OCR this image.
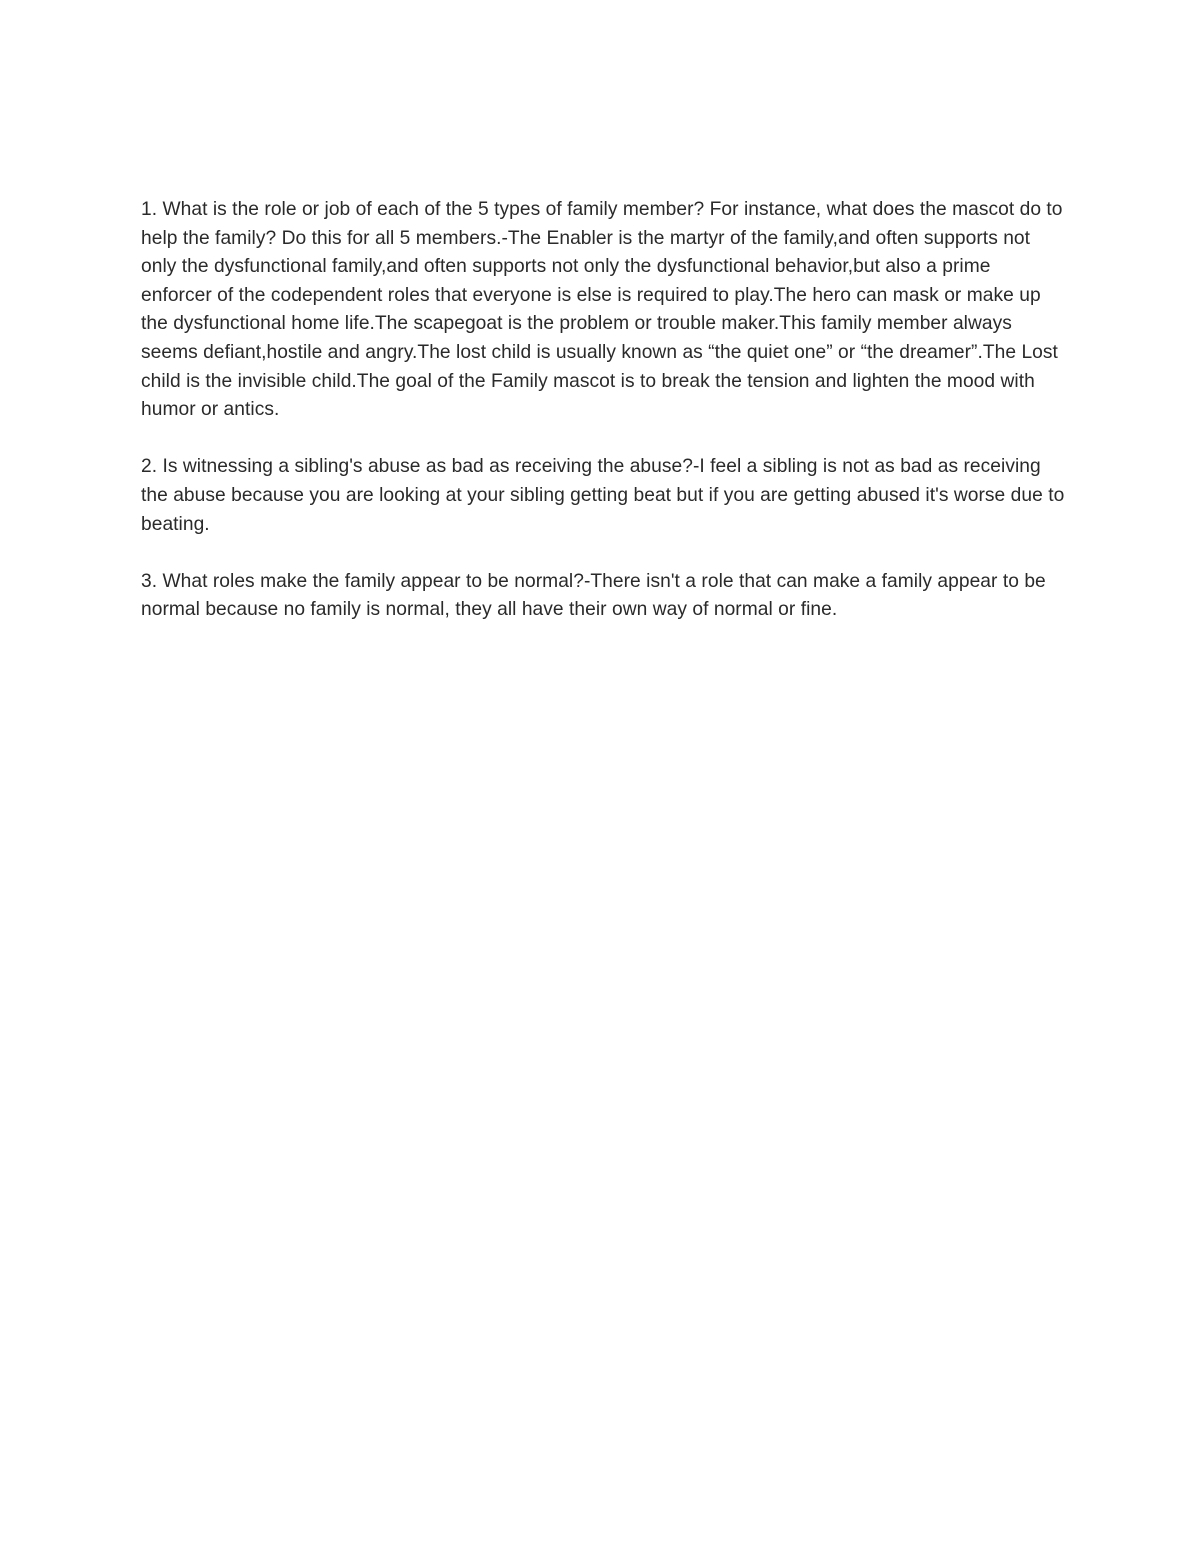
1. What is the role or job of each of the 5 types of family member? For instance, what does the mascot do to help the family? Do this for all 5 members.-The Enabler is the martyr of the family,and often supports not only the dysfunctional family,and often supports not only the dysfunctional behavior,but also a prime enforcer of the codependent roles that everyone is else is required to play.The hero can mask or make up the dysfunctional home life.The scapegoat is the problem or trouble maker.This family member always seems defiant,hostile and angry.The lost child is usually known as “the quiet one” or “the dreamer”.The Lost child is the invisible child.The goal of the Family mascot is to break the tension and lighten the mood with humor or antics.

2. Is witnessing a sibling's abuse as bad as receiving the abuse?-I feel a sibling is not as bad as receiving the abuse because you are looking at your sibling getting beat but if you are getting abused it's worse due to beating.

3. What roles make the family appear to be normal?-There isn't a role that can make a family appear to be normal because no family is normal, they all have their own way of normal or fine.
